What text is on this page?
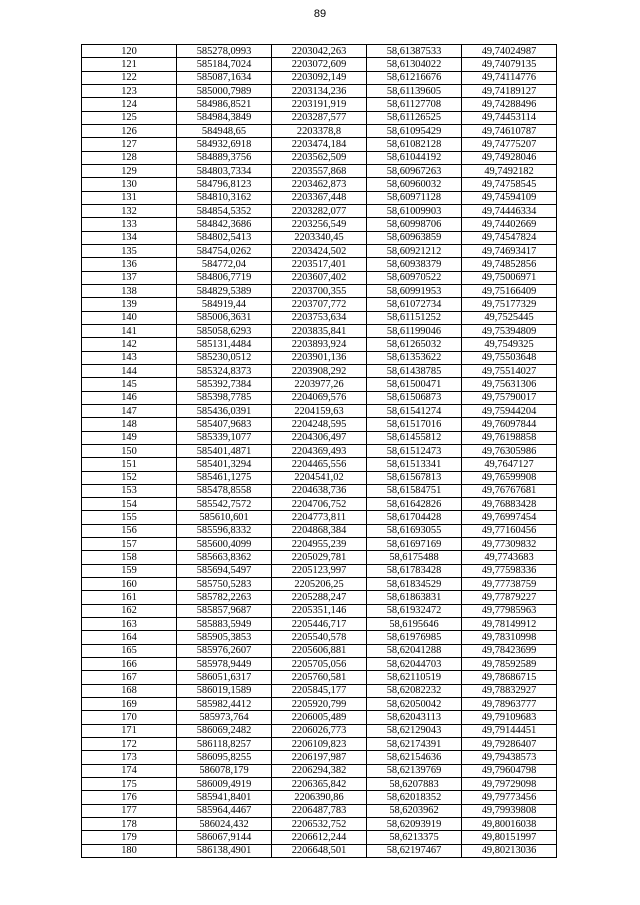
89
120	585278,0993	2203042,263	58,61387533	49,74024987
121	585184,7024	2203072,609	58,61304022	49,74079135
122	585087,1634	2203092,149	58,61216676	49,74114776
123	585000,7989	2203134,236	58,61139605	49,74189127
124	584986,8521	2203191,919	58,61127708	49,74288496
125	584984,3849	2203287,577	58,61126525	49,74453114
126	584948,65	2203378,8	58,61095429	49,74610787
127	584932,6918	2203474,184	58,61082128	49,74775207
128	584889,3756	2203562,509	58,61044192	49,74928046
129	584803,7334	2203557,868	58,60967263	49,7492182
130	584796,8123	2203462,873	58,60960032	49,74758545
131	584810,3162	2203367,448	58,60971128	49,74594109
132	584854,5352	2203282,077	58,61009903	49,74446334
133	584842,3686	2203256,549	58,60998706	49,74402669
134	584802,5413	2203340,45	58,60963859	49,74547824
135	584754,0262	2203424,502	58,60921212	49,74693417
136	584772,04	2203517,401	58,60938379	49,74852856
137	584806,7719	2203607,402	58,60970522	49,75006971
138	584829,5389	2203700,355	58,60991953	49,75166409
139	584919,44	2203707,772	58,61072734	49,75177329
140	585006,3631	2203753,634	58,61151252	49,7525445
141	585058,6293	2203835,841	58,61199046	49,75394809
142	585131,4484	2203893,924	58,61265032	49,7549325
143	585230,0512	2203901,136	58,61353622	49,75503648
144	585324,8373	2203908,292	58,61438785	49,75514027
145	585392,7384	2203977,26	58,61500471	49,75631306
146	585398,7785	2204069,576	58,61506873	49,75790017
147	585436,0391	2204159,63	58,61541274	49,75944204
148	585407,9683	2204248,595	58,61517016	49,76097844
149	585339,1077	2204306,497	58,61455812	49,76198858
150	585401,4871	2204369,493	58,61512473	49,76305986
151	585401,3294	2204465,556	58,61513341	49,7647127
152	585461,1275	2204541,02	58,61567813	49,76599908
153	585478,8558	2204638,736	58,61584751	49,76767681
154	585542,7572	2204706,752	58,61642826	49,76883428
155	585610,601	2204773,811	58,61704428	49,76997454
156	585596,8332	2204868,384	58,61693055	49,77160456
157	585600,4099	2204955,239	58,61697169	49,77309832
158	585663,8362	2205029,781	58,6175488	49,7743683
159	585694,5497	2205123,997	58,61783428	49,77598336
160	585750,5283	2205206,25	58,61834529	49,77738759
161	585782,2263	2205288,247	58,61863831	49,77879227
162	585857,9687	2205351,146	58,61932472	49,77985963
163	585883,5949	2205446,717	58,6195646	49,78149912
164	585905,3853	2205540,578	58,61976985	49,78310998
165	585976,2607	2205606,881	58,62041288	49,78423699
166	585978,9449	2205705,056	58,62044703	49,78592589
167	586051,6317	2205760,581	58,62110519	49,78686715
168	586019,1589	2205845,177	58,62082232	49,78832927
169	585982,4412	2205920,799	58,62050042	49,78963777
170	585973,764	2206005,489	58,62043113	49,79109683
171	586069,2482	2206026,773	58,62129043	49,79144451
172	586118,8257	2206109,823	58,62174391	49,79286407
173	586095,8255	2206197,987	58,62154636	49,79438573
174	586078,179	2206294,382	58,62139769	49,79604798
175	586009,4919	2206365,842	58,6207883	49,79729098
176	585941,8401	2206390,86	58,62018352	49,79773456
177	585964,4467	2206487,783	58,6203962	49,79939808
178	586024,432	2206532,752	58,62093919	49,80016038
179	586067,9144	2206612,244	58,6213375	49,80151997
180	586138,4901	2206648,501	58,62197467	49,80213036
